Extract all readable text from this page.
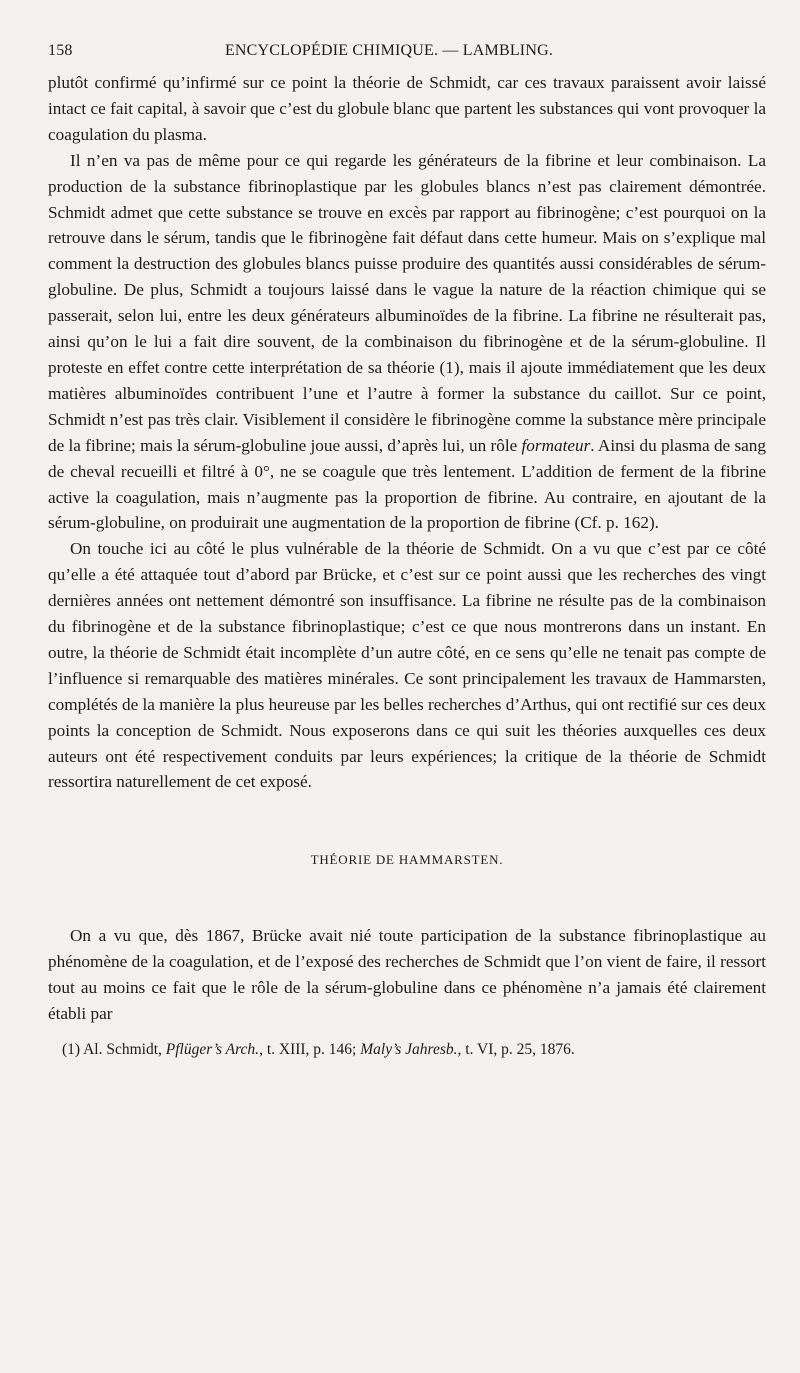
158	ENCYCLOPÉDIE CHIMIQUE. — LAMBLING.

plutôt confirmé qu’infirmé sur ce point la théorie de Schmidt, car ces travaux paraissent avoir laissé intact ce fait capital, à savoir que c’est du globule blanc que partent les substances qui vont provoquer la coagulation du plasma.

Il n’en va pas de même pour ce qui regarde les générateurs de la fibrine et leur combinaison. La production de la substance fibrinoplastique par les globules blancs n’est pas clairement démontrée. Schmidt admet que cette substance se trouve en excès par rapport au fibrinogène; c’est pourquoi on la retrouve dans le sérum, tandis que le fibrinogène fait défaut dans cette humeur. Mais on s’explique mal comment la destruction des globules blancs puisse produire des quantités aussi considérables de sérum-globuline. De plus, Schmidt a toujours laissé dans le vague la nature de la réaction chimique qui se passerait, selon lui, entre les deux générateurs albuminoïdes de la fibrine. La fibrine ne résulterait pas, ainsi qu’on le lui a fait dire souvent, de la combinaison du fibrinogène et de la sérum-globuline. Il proteste en effet contre cette interprétation de sa théorie (1), mais il ajoute immédiatement que les deux matières albuminoïdes contribuent l’une et l’autre à former la substance du caillot. Sur ce point, Schmidt n’est pas très clair. Visiblement il considère le fibrinogène comme la substance mère principale de la fibrine; mais la sérum-globuline joue aussi, d’après lui, un rôle formateur. Ainsi du plasma de sang de cheval recueilli et filtré à 0°, ne se coagule que très lentement. L’addition de ferment de la fibrine active la coagulation, mais n’augmente pas la proportion de fibrine. Au contraire, en ajoutant de la sérum-globuline, on produirait une augmentation de la proportion de fibrine (Cf. p. 162).

On touche ici au côté le plus vulnérable de la théorie de Schmidt. On a vu que c’est par ce côté qu’elle a été attaquée tout d’abord par Brücke, et c’est sur ce point aussi que les recherches des vingt dernières années ont nettement démontré son insuffisance. La fibrine ne résulte pas de la combinaison du fibrinogène et de la substance fibrinoplastique; c’est ce que nous montrerons dans un instant. En outre, la théorie de Schmidt était incomplète d’un autre côté, en ce sens qu’elle ne tenait pas compte de l’influence si remarquable des matières minérales. Ce sont principalement les travaux de Hammarsten, complétés de la manière la plus heureuse par les belles recherches d’Arthus, qui ont rectifié sur ces deux points la conception de Schmidt. Nous exposerons dans ce qui suit les théories auxquelles ces deux auteurs ont été respectivement conduits par leurs expériences; la critique de la théorie de Schmidt ressortira naturellement de cet exposé.

THÉORIE DE HAMMARSTEN.

On a vu que, dès 1867, Brücke avait nié toute participation de la substance fibrinoplastique au phénomène de la coagulation, et de l’exposé des recherches de Schmidt que l’on vient de faire, il ressort tout au moins ce fait que le rôle de la sérum-globuline dans ce phénomène n’a jamais été clairement établi par

(1) Al. Schmidt, Pflüger’s Arch., t. XIII, p. 146; Maly’s Jahresb., t. VI, p. 25, 1876.
